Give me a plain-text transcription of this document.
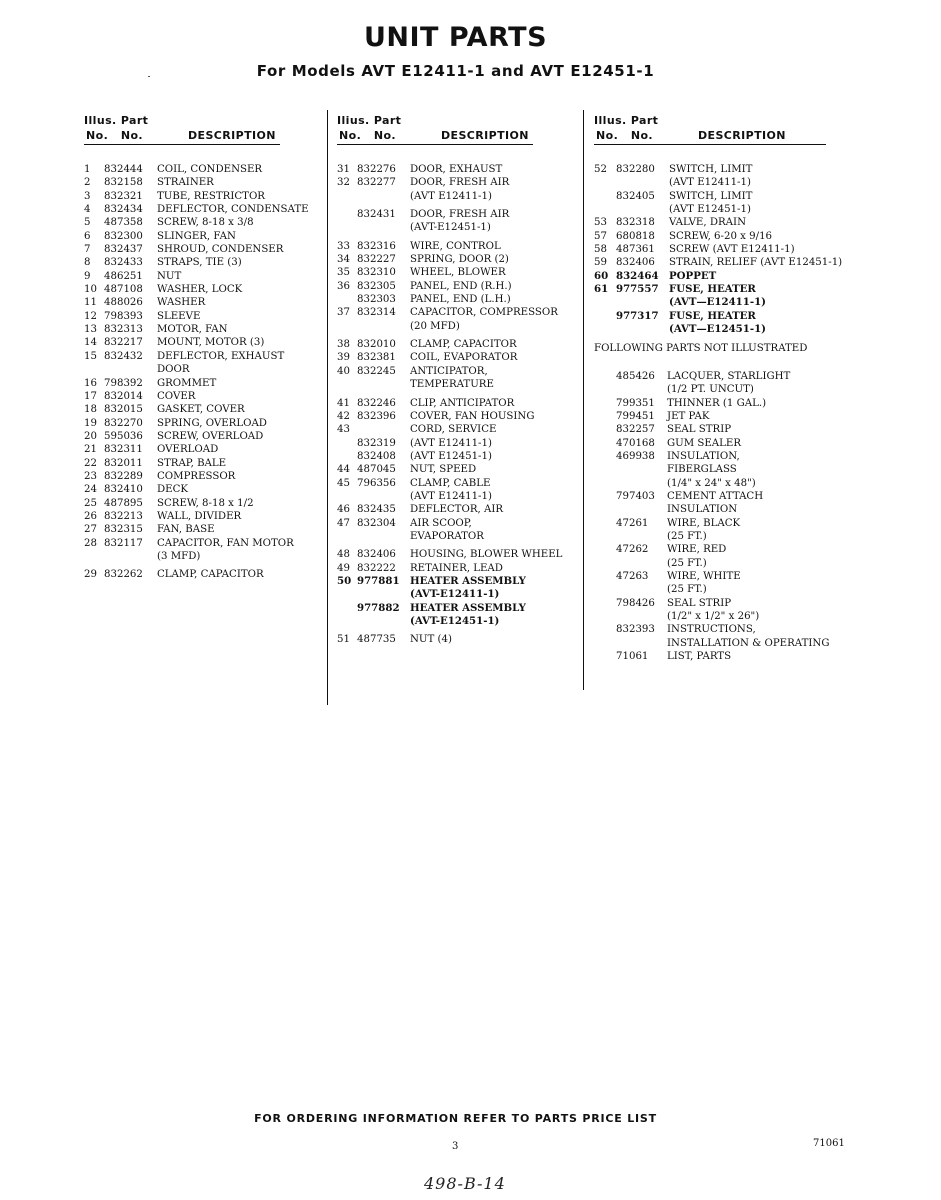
UNIT PARTS
For Models AVT E12411-1 and AVT E12451-1
Illus. Part
No. No.	DESCRIPTION
1	832444	COIL, CONDENSER
2	832158	STRAINER
3	832321	TUBE, RESTRICTOR
4	832434	DEFLECTOR, CONDENSATE
5	487358	SCREW, 8-18 x 3/8
6	832300	SLINGER, FAN
7	832437	SHROUD, CONDENSER
8	832433	STRAPS, TIE (3)
9	486251	NUT
10 487108	WASHER, LOCK
11 488026	WASHER
12 798393	SLEEVE
13 832313	MOTOR, FAN
14 832217	MOUNT, MOTOR (3)
15 832432	DEFLECTOR, EXHAUST
DOOR
16 798392	GROMMET
17 832014	COVER
18 832015	GASKET, COVER
19 832270	SPRING, OVERLOAD
20 595036	SCREW, OVERLOAD
21 832311	OVERLOAD
22 832011	STRAP, BALE
23 832289	COMPRESSOR
24 832410	DECK
25 487895	SCREW, 8-18 x 1/2
26 832213	WALL, DIVIDER
27 832315	FAN, BASE
28 832117	CAPACITOR, FAN MOTOR
(3 MFD)
29 832262	CLAMP, CAPACITOR
Ilius. Part
No. No.	DESCRIPTION
31 832276	DOOR, EXHAUST
32 832277	DOOR, FRESH AIR
(AVT E12411-1)
832431	DOOR, FRESH AIR
(AVT-E12451-1)
33 832316	WIRE, CONTROL
34 832227	SPRING, DOOR (2)
35 832310	WHEEL, BLOWER
36 832305	PANEL, END (R.H.)
832303	PANEL, END (L.H.)
37 832314	CAPACITOR, COMPRESSOR
(20 MFD)
38 832010	CLAMP, CAPACITOR
39 832381	COIL, EVAPORATOR
40 832245	ANTICIPATOR,
TEMPERATURE
41 832246	CLIP, ANTICIPATOR
42 832396	COVER, FAN HOUSING
43	CORD, SERVICE
832319	(AVT E12411-1)
832408	(AVT E12451-1)
44 487045	NUT, SPEED
45 796356	CLAMP, CABLE
(AVT E12411-1)
46 832435	DEFLECTOR, AIR
47 832304	AIR SCOOP,
EVAPORATOR
48 832406	HOUSING, BLOWER WHEEL
49 832222	RETAINER, LEAD
50 977881	HEATER ASSEMBLY
(AVT-E12411-1)
977882	HEATER ASSEMBLY
(AVT-E12451-1)
51 487735	NUT (4)
Illus. Part
No. No.	DESCRIPTION
52 832280	SWITCH, LIMIT
(AVT E12411-1)
832405	SWITCH, LIMIT
(AVT E12451-1)
53 832318	VALVE, DRAIN
57 680818	SCREW, 6-20 x 9/16
58 487361	SCREW (AVT E12411-1)
59 832406	STRAIN, RELIEF (AVT E12451-1)
60 832464	POPPET
61 977557	FUSE, HEATER
(AVT—E12411-1)
977317	FUSE, HEATER
(AVT—E12451-1)
FOLLOWING PARTS NOT ILLUSTRATED
485426	LACQUER, STARLIGHT
(1/2 PT. UNCUT)
799351	THINNER (1 GAL.)
799451	JET PAK
832257	SEAL STRIP
470168	GUM SEALER
469938	INSULATION,
FIBERGLASS
(1/4" x 24" x 48")
797403	CEMENT ATTACH
INSULATION
47261	WIRE, BLACK
(25 FT.)
47262	WIRE, RED
(25 FT.)
47263	WIRE, WHITE
(25 FT.)
798426	SEAL STRIP
(1/2" x 1/2" x 26")
832393	INSTRUCTIONS,
INSTALLATION & OPERATING
71061	LIST, PARTS
FOR ORDERING INFORMATION REFER TO PARTS PRICE LIST
3	71061
498-B-14
